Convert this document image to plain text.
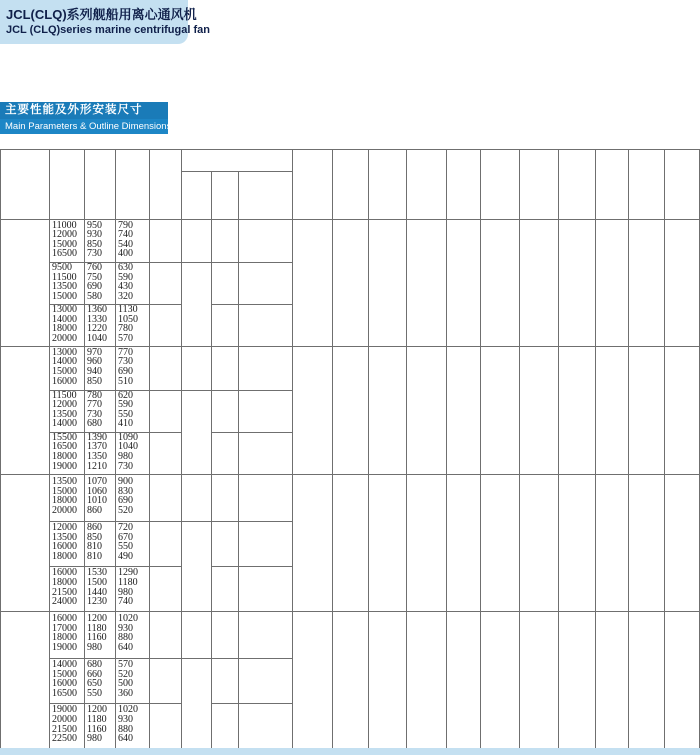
JCL(CLQ)系列舰船用离心通风机
JCL (CLQ)series marine centrifugal fan
主要性能及外形安装尺寸
Main Parameters & Outline Dimensions
11000
12000
15000
16500
950
930
850
730
790
740
540
400
9500
11500
13500
15000
760
750
690
580
630
590
430
320
13000
14000
18000
20000
1360
1330
1220
1040
1130
1050
780
570
13000
14000
15000
16000
970
960
940
850
770
730
690
510
11500
12000
13500
14000
780
770
730
680
620
590
550
410
15500
16500
18000
19000
1390
1370
1350
1210
1090
1040
980
730
13500
15000
18000
20000
1070
1060
1010
860
900
830
690
520
12000
13500
16000
18000
860
850
810
810
720
670
550
490
16000
18000
21500
24000
1530
1500
1440
1230
1290
1180
980
740
16000
17000
18000
19000
1200
1180
1160
980
1020
930
880
640
14000
15000
16000
16500
680
660
650
550
570
520
500
360
19000
20000
21500
22500
1200
1180
1160
980
1020
930
880
640
